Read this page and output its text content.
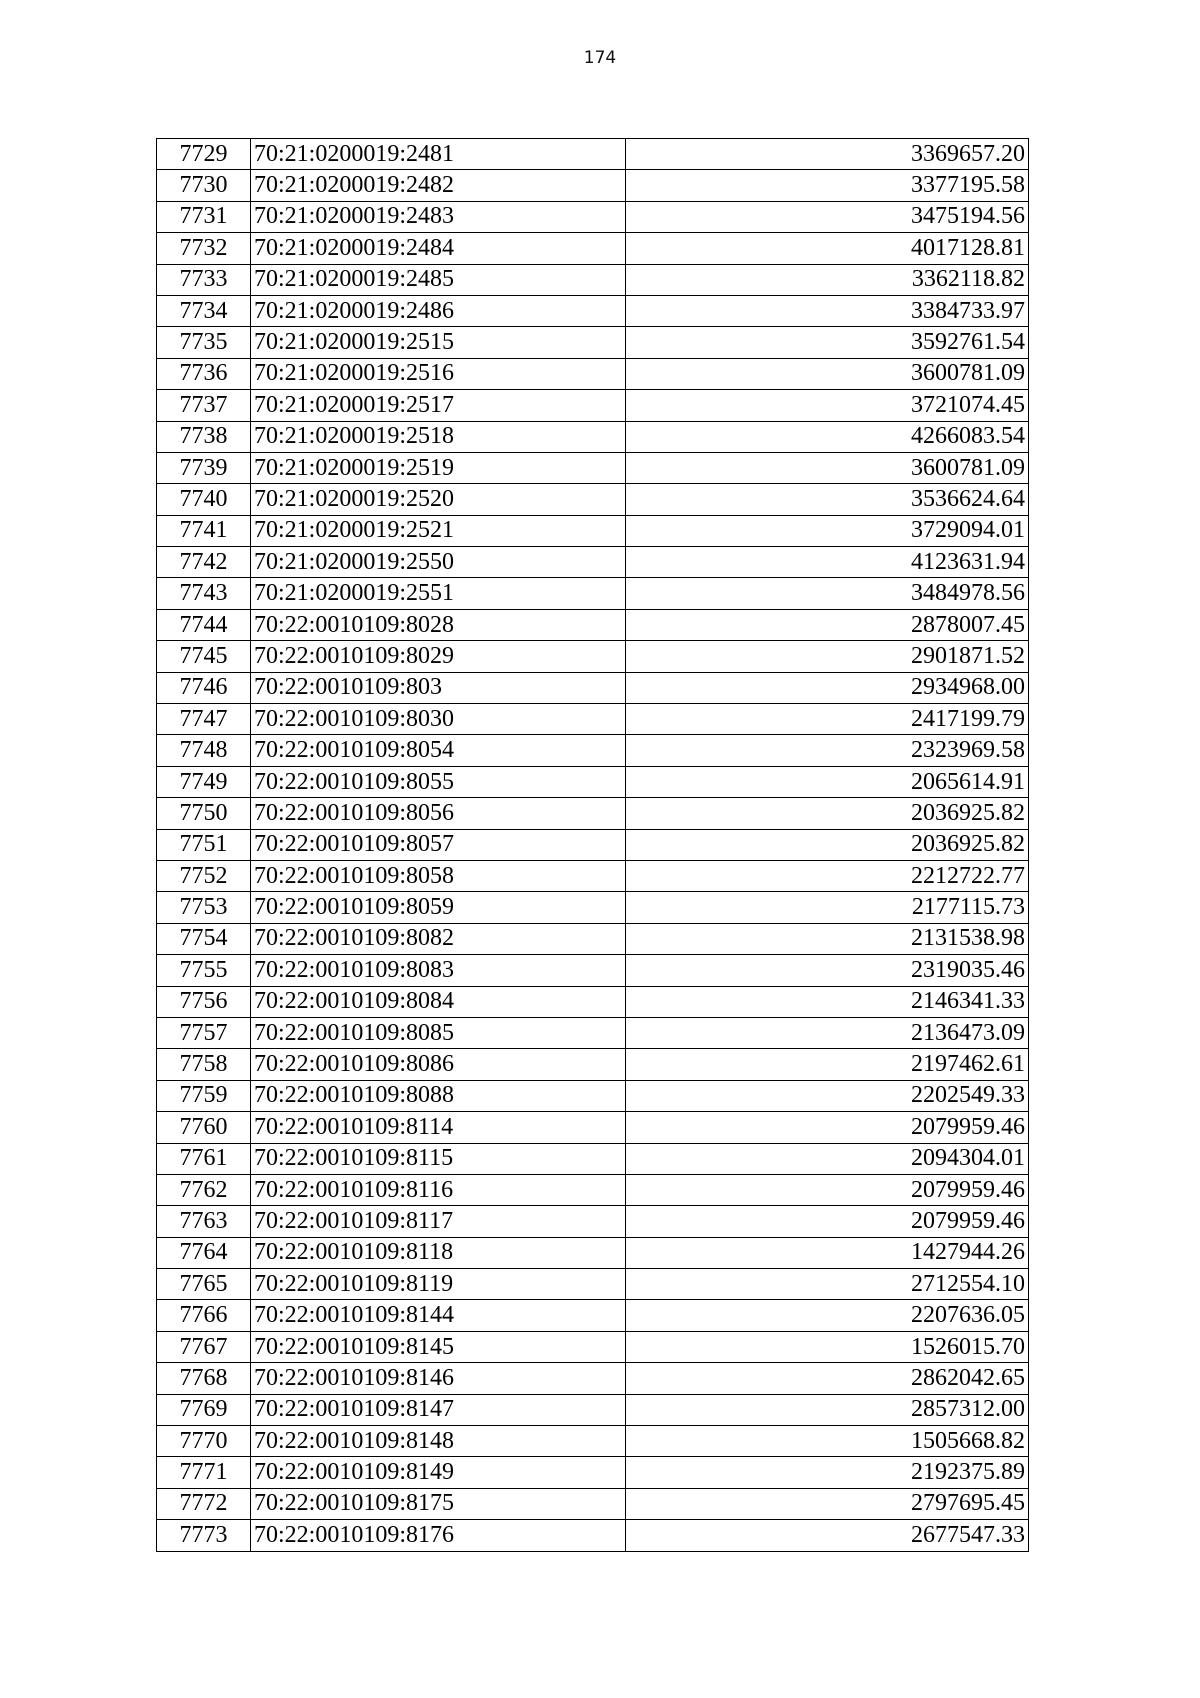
174
7729	70:21:0200019:2481	3369657.20
7730	70:21:0200019:2482	3377195.58
7731	70:21:0200019:2483	3475194.56
7732	70:21:0200019:2484	4017128.81
7733	70:21:0200019:2485	3362118.82
7734	70:21:0200019:2486	3384733.97
7735	70:21:0200019:2515	3592761.54
7736	70:21:0200019:2516	3600781.09
7737	70:21:0200019:2517	3721074.45
7738	70:21:0200019:2518	4266083.54
7739	70:21:0200019:2519	3600781.09
7740	70:21:0200019:2520	3536624.64
7741	70:21:0200019:2521	3729094.01
7742	70:21:0200019:2550	4123631.94
7743	70:21:0200019:2551	3484978.56
7744	70:22:0010109:8028	2878007.45
7745	70:22:0010109:8029	2901871.52
7746	70:22:0010109:803	2934968.00
7747	70:22:0010109:8030	2417199.79
7748	70:22:0010109:8054	2323969.58
7749	70:22:0010109:8055	2065614.91
7750	70:22:0010109:8056	2036925.82
7751	70:22:0010109:8057	2036925.82
7752	70:22:0010109:8058	2212722.77
7753	70:22:0010109:8059	2177115.73
7754	70:22:0010109:8082	2131538.98
7755	70:22:0010109:8083	2319035.46
7756	70:22:0010109:8084	2146341.33
7757	70:22:0010109:8085	2136473.09
7758	70:22:0010109:8086	2197462.61
7759	70:22:0010109:8088	2202549.33
7760	70:22:0010109:8114	2079959.46
7761	70:22:0010109:8115	2094304.01
7762	70:22:0010109:8116	2079959.46
7763	70:22:0010109:8117	2079959.46
7764	70:22:0010109:8118	1427944.26
7765	70:22:0010109:8119	2712554.10
7766	70:22:0010109:8144	2207636.05
7767	70:22:0010109:8145	1526015.70
7768	70:22:0010109:8146	2862042.65
7769	70:22:0010109:8147	2857312.00
7770	70:22:0010109:8148	1505668.82
7771	70:22:0010109:8149	2192375.89
7772	70:22:0010109:8175	2797695.45
7773	70:22:0010109:8176	2677547.33
